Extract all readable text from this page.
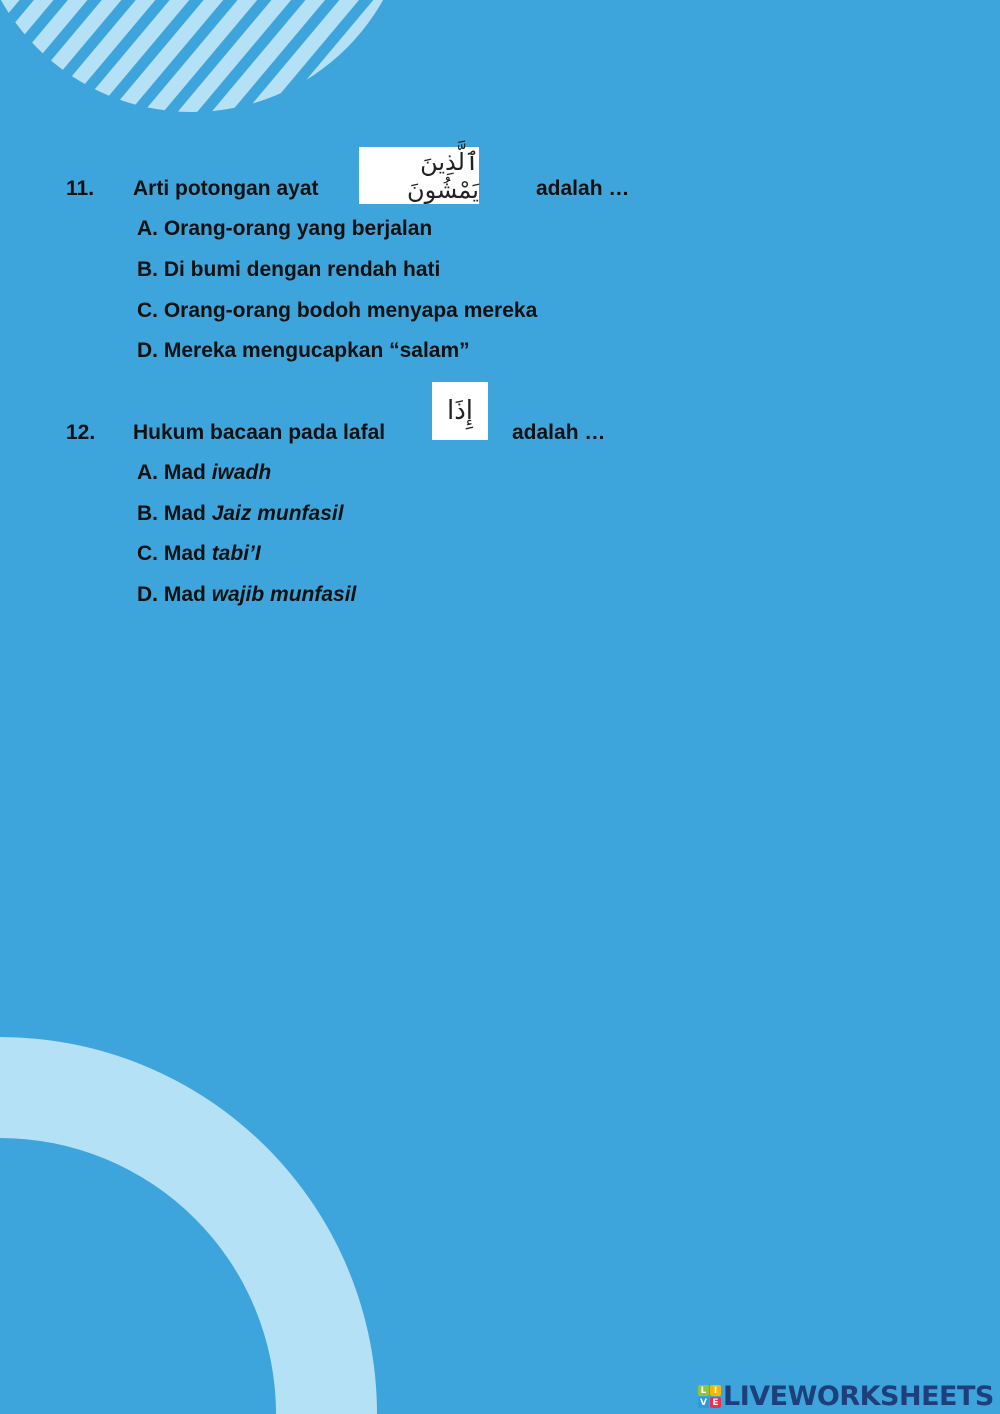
11. Arti potongan ayat	adalah …
ٱلَّذِينَ يَمْشُونَ
A. Orang-orang yang berjalan
B. Di bumi dengan rendah hati
C. Orang-orang bodoh menyapa mereka
D. Mereka mengucapkan “salam”
12. Hukum bacaan pada lafal	adalah …
إِذَا
A. Mad iwadh
B. Mad Jaiz munfasil
C. Mad tabi’I
D. Mad wajib munfasil
L I
V E LIVEWORKSHEETS
